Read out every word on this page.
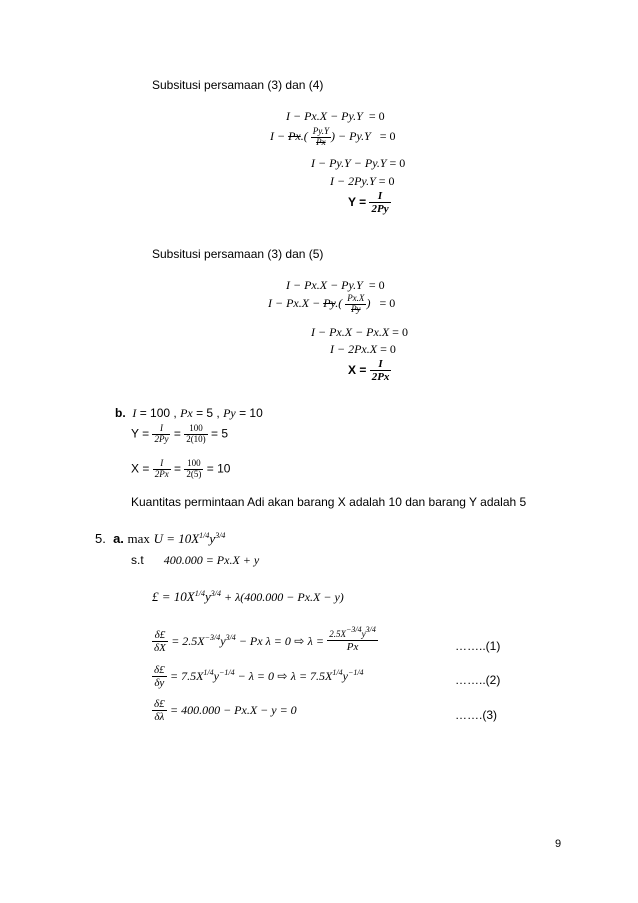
Subsitusi persamaan (3) dan (4)
I − Px.X − Py.Y = 0
$I - Px.( \frac{Py.Y}{Px}$ ) − Py.Y = 0
I − Py.Y − Py.Y = 0
I − 2Py.Y = 0
$Y = \frac{I}{2Py}$
Subsitusi persamaan (3) dan (5)
I − Px.X − Py.Y = 0
$I - Px.X - Py.( \frac{Px.X}{Py}$ ) = 0
I − Px.X − Px.X = 0
I − 2Px.X = 0
$X = \frac{I}{2Px}$
b. I = 100 , Px = 5 , Py = 10
$Y = \frac{I}{2Py} = \frac{100}{2(10)} = 5$
$X = \frac{I}{2Px} = \frac{100}{2(5)} = 10$
Kuantitas permintaan Adi akan barang X adalah 10 dan barang Y adalah 5
5. a. $\max U = 10X^{1/4}y^{3/4}$
s.t 400.000 = Px.X + y
£ = $10X^{1/4}y^{3/4} + \lambda(400.000 - Px.X - y)$
$\frac{\delta£}{\delta X} = 2.5X^{-3/4}y^{3/4} - Px$ λ = 0 ⇨ $\lambda = \frac{2.5X-3/4y3/4}{Px}$	……..(1)
$\frac{\delta£}{\delta y} = 7.5X^{1/4}y^{-1/4} - \lambda = 0$ ⇨ $\lambda = 7.5X^{1/4}y^{-1/4}$
……..(2)
$\frac{\delta£}{\delta\lambda} = 400.000 - Px.X - y = 0$	…….(3)
9
